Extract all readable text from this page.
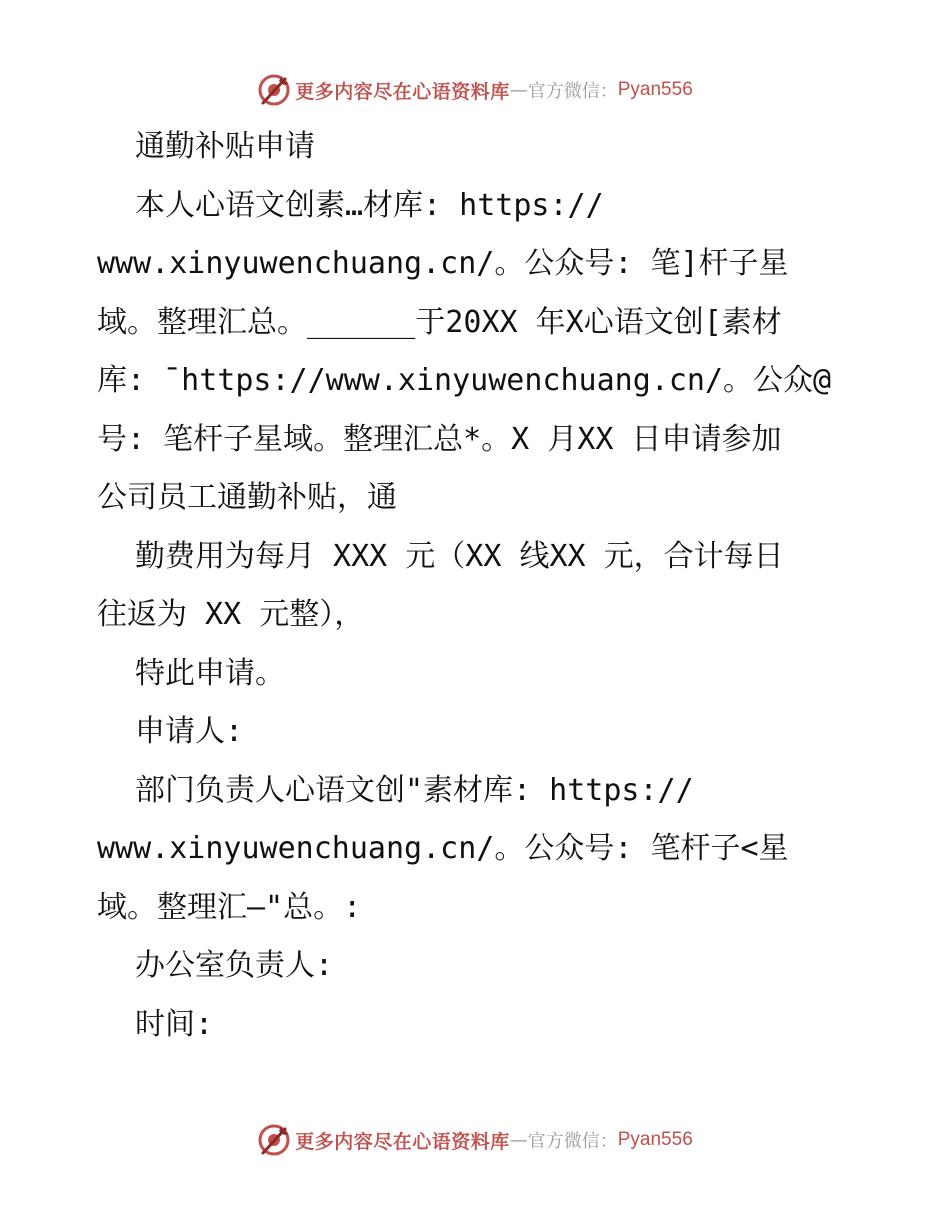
更多内容尽在心语资料库 — 官方微信： Pyan556
通勤补贴申请
本人心语文创素…材库: https://
www.xinyuwenchuang.cn/。公众号: 笔]杆子星
域。整理汇总。______于20XX 年X心语文创[素材
库: ¯https://www.xinyuwenchuang.cn/。公众@
号: 笔杆子星域。整理汇总*。X 月XX 日申请参加
公司员工通勤补贴，通
勤费用为每月 XXX 元（XX 线XX 元，合计每日
往返为 XX 元整），
特此申请。
申请人:
部门负责人心语文创"素材库: https://
www.xinyuwenchuang.cn/。公众号: 笔杆子<星
域。整理汇—"总。:
办公室负责人:
时间:
更多内容尽在心语资料库 — 官方微信： Pyan556
